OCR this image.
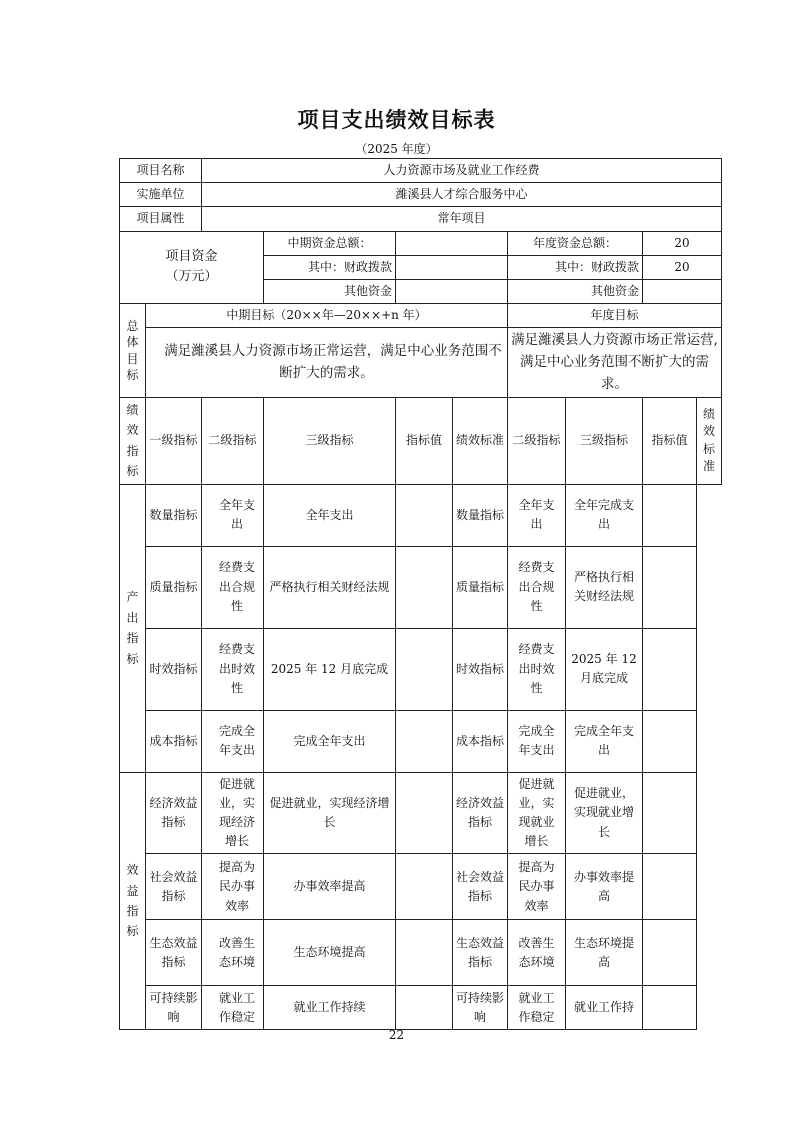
项目支出绩效目标表
（2025 年度）
项目名称		人力资源市场及就业工作经费							
实施单位		濰溪县人才综合服务中心							
项目属性		常年项目							

项目资金
（万元）			中期资金总额：			年度资金总额：		20	
			其中：财政拨款			其中：财政拨款		20	
			其他资金			其他资金			
总体目标	中期目标（20××年—20××+n 年）					年度目标			
	满足濰溪县人力资源市场正常运营，满足中心业务范围不断扩大的需求。					满足濰溪县人力资源市场正常运营,满足中心业务范围不断扩大的需求。			
绩效指标	一级指标	二级指标	三级指标	指标值	绩效标准	二级指标	三级指标	指标值	绩效标准
产出指标	数量指标	全年支出	全年支出		数量指标	全年支出	全年完成支出		
	质量指标	经费支出合规性	严格执行相关财经法规		质量指标	经费支出合规性	严格执行相关财经法规		
	时效指标	经费支出时效性	2025 年 12 月底完成		时效指标	经费支出时效性	2025 年 12 月底完成		
	成本指标	完成全年支出	完成全年支出		成本指标	完成全年支出	完成全年支出		
效益指标	经济效益指标	促进就业，实现经济增长	促进就业，实现经济增长		经济效益指标	促进就业，实现就业增长	促进就业，实现就业增长		
	社会效益指标	提高为民办事效率	办事效率提高		社会效益指标	提高为民办事效率	办事效率提高		
	生态效益指标	改善生态环境	生态环境提高		生态效益指标	改善生态环境	生态环境提高		
	可持续影响	就业工作稳定	就业工作持续		可持续影响	就业工作稳定	就业工作持		
22
